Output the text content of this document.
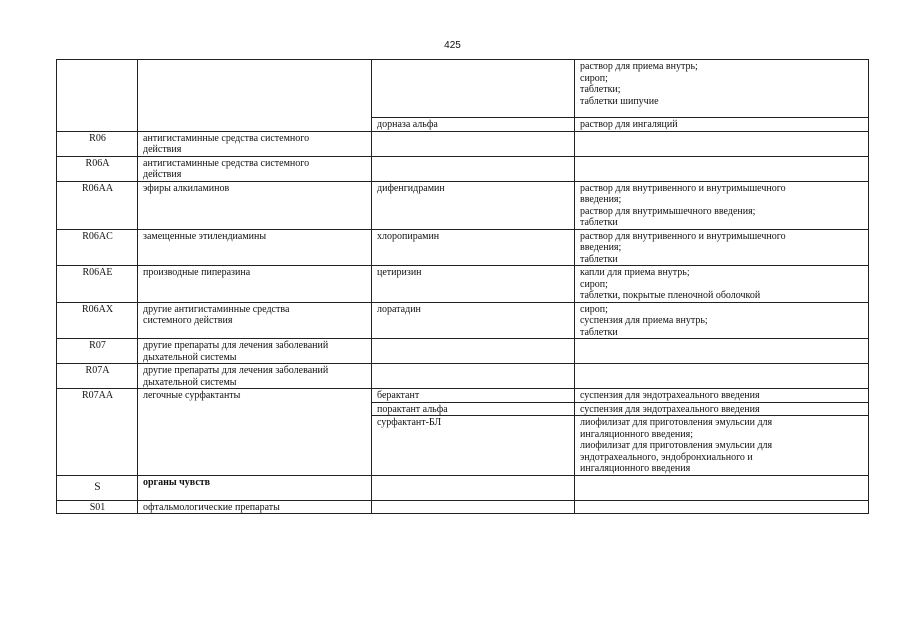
425

			раствор для приема внутрь;
сироп;
таблетки;
таблетки шипучие

		дорназа альфа	раствор для ингаляций

R06	антигистаминные средства системного
действия		

R06A	антигистаминные средства системного
действия		

R06AA	эфиры алкиламинов	дифенгидрамин	раствор для внутривенного и внутримышечного
введения;
раствор для внутримышечного введения;
таблетки

R06AC	замещенные этилендиамины	хлоропирамин	раствор для внутривенного и внутримышечного
введения;
таблетки

R06AE	производные пиперазина	цетиризин	капли для приема внутрь;
сироп;
таблетки, покрытые пленочной оболочкой

R06AX	другие антигистаминные средства
системного действия	лоратадин	сироп;
суспензия для приема внутрь;
таблетки

R07	другие препараты для лечения заболеваний
дыхательной системы		

R07A	другие препараты для лечения заболеваний
дыхательной системы		

R07AA	легочные сурфактанты	берактант	суспензия для эндотрахеального введения

		порактант альфа	суспензия для эндотрахеального введения

		сурфактант-БЛ	лиофилизат для приготовления эмульсии для
ингаляционного введения;
лиофилизат для приготовления эмульсии для
эндотрахеального, эндобронхиального и
ингаляционного введения

S	органы чувств		

S01	офтальмологические препараты		
